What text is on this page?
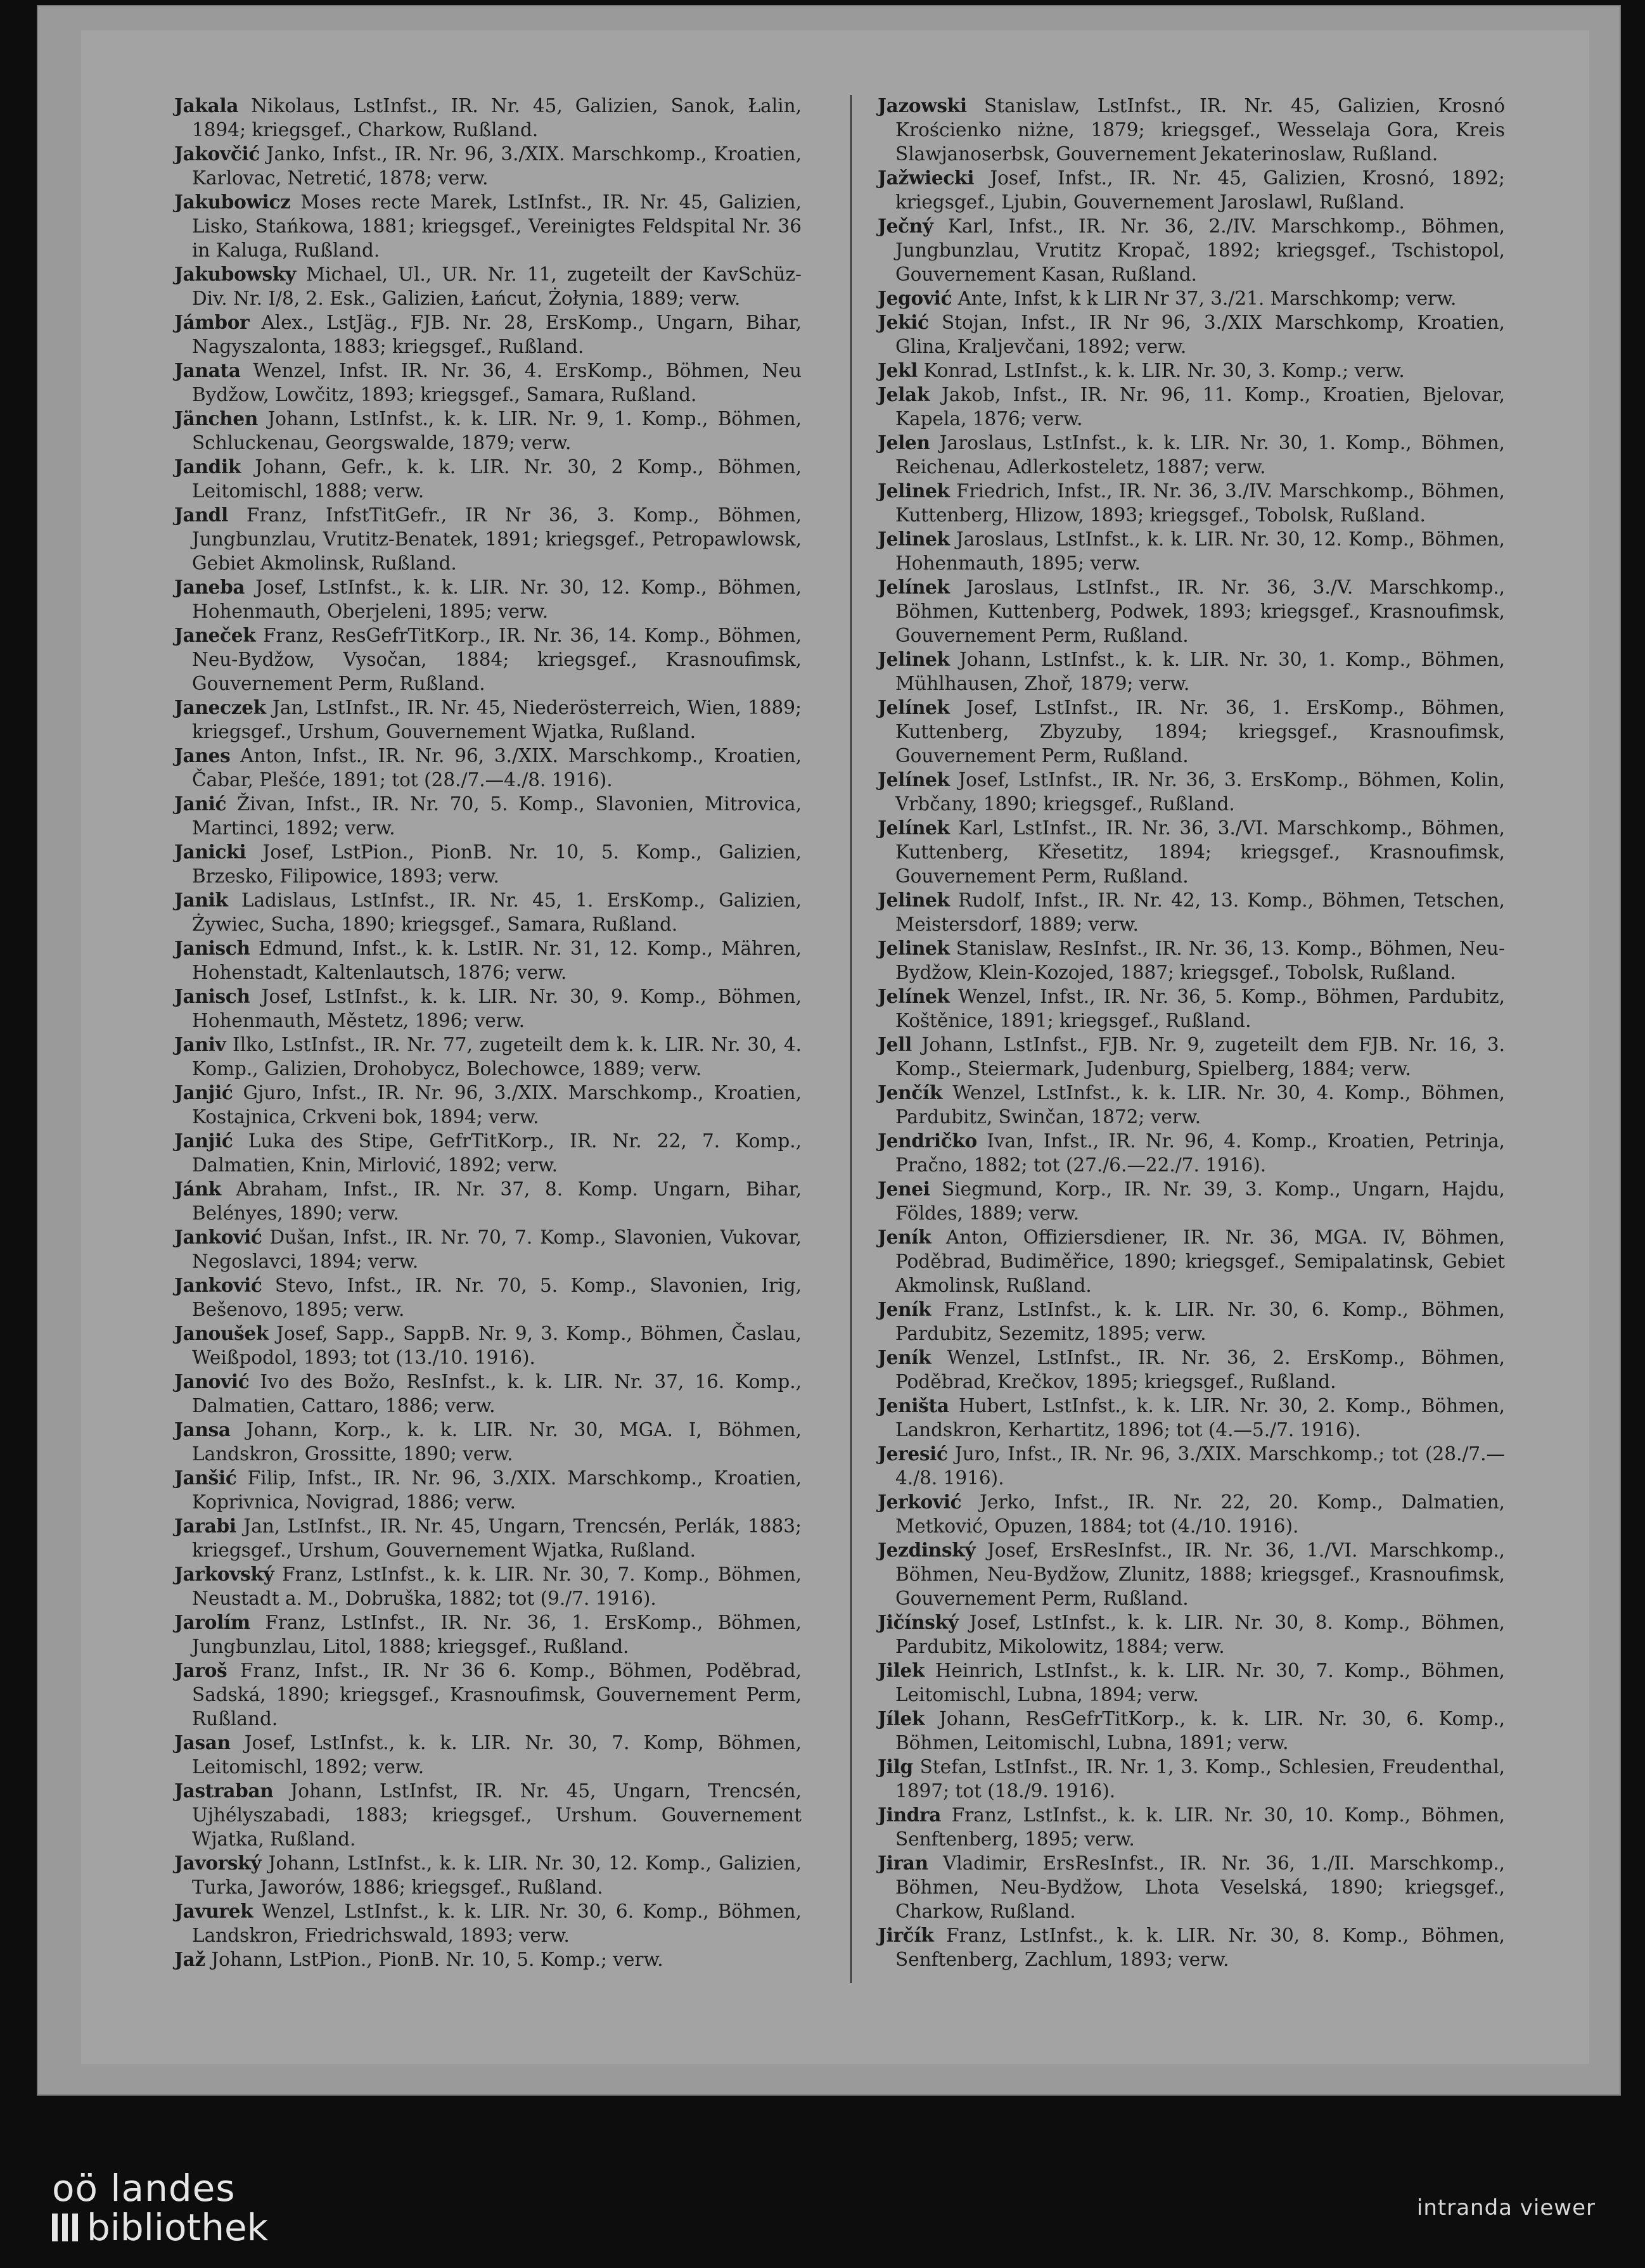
Jakala Nikolaus, LstInfst., IR. Nr. 45, Galizien, Sanok, Łalin, 1894; kriegsgef., Charkow, Rußland.

Jakovčić Janko, Infst., IR. Nr. 96, 3./XIX. Marschkomp., Kroatien, Karlovac, Netretić, 1878; verw.

Jakubowicz Moses recte Marek, LstInfst., IR. Nr. 45, Galizien, Lisko, Stańkowa, 1881; kriegsgef., Vereinigtes Feldspital Nr. 36 in Kaluga, Rußland.

Jakubowsky Michael, Ul., UR. Nr. 11, zugeteilt der KavSchüz-Div. Nr. I/8, 2. Esk., Galizien, Łańcut, Żołynia, 1889; verw.

Jámbor Alex., LstJäg., FJB. Nr. 28, ErsKomp., Ungarn, Bihar, Nagyszalonta, 1883; kriegsgef., Rußland.

Janata Wenzel, Infst. IR. Nr. 36, 4. ErsKomp., Böhmen, Neu Bydžow, Lowčitz, 1893; kriegsgef., Samara, Rußland.

Jänchen Johann, LstInfst., k. k. LIR. Nr. 9, 1. Komp., Böhmen, Schluckenau, Georgswalde, 1879; verw.

Jandik Johann, Gefr., k. k. LIR. Nr. 30, 2 Komp., Böhmen, Leitomischl, 1888; verw.

Jandl Franz, InfstTitGefr., IR Nr 36, 3. Komp., Böhmen, Jungbunzlau, Vrutitz-Benatek, 1891; kriegsgef., Petropawlowsk, Gebiet Akmolinsk, Rußland.

Janeba Josef, LstInfst., k. k. LIR. Nr. 30, 12. Komp., Böhmen, Hohenmauth, Oberjeleni, 1895; verw.

Janeček Franz, ResGefrTitKorp., IR. Nr. 36, 14. Komp., Böhmen, Neu-Bydžow, Vysočan, 1884; kriegsgef., Krasnoufimsk, Gouvernement Perm, Rußland.

Janeczek Jan, LstInfst., IR. Nr. 45, Niederösterreich, Wien, 1889; kriegsgef., Urshum, Gouvernement Wjatka, Rußland.

Janes Anton, Infst., IR. Nr. 96, 3./XIX. Marschkomp., Kroatien, Čabar, Plešće, 1891; tot (28./7.—4./8. 1916).

Janić Živan, Infst., IR. Nr. 70, 5. Komp., Slavonien, Mitrovica, Martinci, 1892; verw.

Janicki Josef, LstPion., PionB. Nr. 10, 5. Komp., Galizien, Brzesko, Filipowice, 1893; verw.

Janik Ladislaus, LstInfst., IR. Nr. 45, 1. ErsKomp., Galizien, Żywiec, Sucha, 1890; kriegsgef., Samara, Rußland.

Janisch Edmund, Infst., k. k. LstIR. Nr. 31, 12. Komp., Mähren, Hohenstadt, Kaltenlautsch, 1876; verw.

Janisch Josef, LstInfst., k. k. LIR. Nr. 30, 9. Komp., Böhmen, Hohenmauth, Městetz, 1896; verw.

Janiv Ilko, LstInfst., IR. Nr. 77, zugeteilt dem k. k. LIR. Nr. 30, 4. Komp., Galizien, Drohobycz, Bolechowce, 1889; verw.

Janjić Gjuro, Infst., IR. Nr. 96, 3./XIX. Marschkomp., Kroatien, Kostajnica, Crkveni bok, 1894; verw.

Janjić Luka des Stipe, GefrTitKorp., IR. Nr. 22, 7. Komp., Dalmatien, Knin, Mirlović, 1892; verw.

Jánk Abraham, Infst., IR. Nr. 37, 8. Komp. Ungarn, Bihar, Belényes, 1890; verw.

Janković Dušan, Infst., IR. Nr. 70, 7. Komp., Slavonien, Vukovar, Negoslavci, 1894; verw.

Janković Stevo, Infst., IR. Nr. 70, 5. Komp., Slavonien, Irig, Bešenovo, 1895; verw.

Janoušek Josef, Sapp., SappB. Nr. 9, 3. Komp., Böhmen, Časlau, Weißpodol, 1893; tot (13./10. 1916).

Janović Ivo des Božo, ResInfst., k. k. LIR. Nr. 37, 16. Komp., Dalmatien, Cattaro, 1886; verw.

Jansa Johann, Korp., k. k. LIR. Nr. 30, MGA. I, Böhmen, Landskron, Grossitte, 1890; verw.

Janšić Filip, Infst., IR. Nr. 96, 3./XIX. Marschkomp., Kroatien, Koprivnica, Novigrad, 1886; verw.

Jarabi Jan, LstInfst., IR. Nr. 45, Ungarn, Trencsén, Perlák, 1883; kriegsgef., Urshum, Gouvernement Wjatka, Rußland.

Jarkovský Franz, LstInfst., k. k. LIR. Nr. 30, 7. Komp., Böhmen, Neustadt a. M., Dobruška, 1882; tot (9./7. 1916).

Jarolím Franz, LstInfst., IR. Nr. 36, 1. ErsKomp., Böhmen, Jungbunzlau, Litol, 1888; kriegsgef., Rußland.

Jaroš Franz, Infst., IR. Nr 36 6. Komp., Böhmen, Poděbrad, Sadská, 1890; kriegsgef., Krasnoufimsk, Gouvernement Perm, Rußland.

Jasan Josef, LstInfst., k. k. LIR. Nr. 30, 7. Komp, Böhmen, Leitomischl, 1892; verw.

Jastraban Johann, LstInfst, IR. Nr. 45, Ungarn, Trencsén, Ujhélyszabadi, 1883; kriegsgef., Urshum. Gouvernement Wjatka, Rußland.

Javorský Johann, LstInfst., k. k. LIR. Nr. 30, 12. Komp., Galizien, Turka, Jaworów, 1886; kriegsgef., Rußland.

Javurek Wenzel, LstInfst., k. k. LIR. Nr. 30, 6. Komp., Böhmen, Landskron, Friedrichswald, 1893; verw.

Jaž Johann, LstPion., PionB. Nr. 10, 5. Komp.; verw.

Jazowski Stanislaw, LstInfst., IR. Nr. 45, Galizien, Krosnó Krościenko niżne, 1879; kriegsgef., Wesselaja Gora, Kreis Slawjanoserbsk, Gouvernement Jekaterinoslaw, Rußland.

Jažwiecki Josef, Infst., IR. Nr. 45, Galizien, Krosnó, 1892; kriegsgef., Ljubin, Gouvernement Jaroslawl, Rußland.

Ječný Karl, Infst., IR. Nr. 36, 2./IV. Marschkomp., Böhmen, Jungbunzlau, Vrutitz Kropač, 1892; kriegsgef., Tschistopol, Gouvernement Kasan, Rußland.

Jegović Ante, Infst, k k LIR Nr 37, 3./21. Marschkomp; verw.

Jekić Stojan, Infst., IR Nr 96, 3./XIX Marschkomp, Kroatien, Glina, Kraljevčani, 1892; verw.

Jekl Konrad, LstInfst., k. k. LIR. Nr. 30, 3. Komp.; verw.

Jelak Jakob, Infst., IR. Nr. 96, 11. Komp., Kroatien, Bjelovar, Kapela, 1876; verw.

Jelen Jaroslaus, LstInfst., k. k. LIR. Nr. 30, 1. Komp., Böhmen, Reichenau, Adlerkosteletz, 1887; verw.

Jelinek Friedrich, Infst., IR. Nr. 36, 3./IV. Marschkomp., Böhmen, Kuttenberg, Hlizow, 1893; kriegsgef., Tobolsk, Rußland.

Jelinek Jaroslaus, LstInfst., k. k. LIR. Nr. 30, 12. Komp., Böhmen, Hohenmauth, 1895; verw.

Jelínek Jaroslaus, LstInfst., IR. Nr. 36, 3./V. Marschkomp., Böhmen, Kuttenberg, Podwek, 1893; kriegsgef., Krasnoufimsk, Gouvernement Perm, Rußland.

Jelinek Johann, LstInfst., k. k. LIR. Nr. 30, 1. Komp., Böhmen, Mühlhausen, Zhoř, 1879; verw.

Jelínek Josef, LstInfst., IR. Nr. 36, 1. ErsKomp., Böhmen, Kuttenberg, Zbyzuby, 1894; kriegsgef., Krasnoufimsk, Gouvernement Perm, Rußland.

Jelínek Josef, LstInfst., IR. Nr. 36, 3. ErsKomp., Böhmen, Kolin, Vrbčany, 1890; kriegsgef., Rußland.

Jelínek Karl, LstInfst., IR. Nr. 36, 3./VI. Marschkomp., Böhmen, Kuttenberg, Křesetitz, 1894; kriegsgef., Krasnoufimsk, Gouvernement Perm, Rußland.

Jelinek Rudolf, Infst., IR. Nr. 42, 13. Komp., Böhmen, Tetschen, Meistersdorf, 1889; verw.

Jelinek Stanislaw, ResInfst., IR. Nr. 36, 13. Komp., Böhmen, Neu-Bydžow, Klein-Kozojed, 1887; kriegsgef., Tobolsk, Rußland.

Jelínek Wenzel, Infst., IR. Nr. 36, 5. Komp., Böhmen, Pardubitz, Koštěnice, 1891; kriegsgef., Rußland.

Jell Johann, LstInfst., FJB. Nr. 9, zugeteilt dem FJB. Nr. 16, 3. Komp., Steiermark, Judenburg, Spielberg, 1884; verw.

Jenčík Wenzel, LstInfst., k. k. LIR. Nr. 30, 4. Komp., Böhmen, Pardubitz, Swinčan, 1872; verw.

Jendričko Ivan, Infst., IR. Nr. 96, 4. Komp., Kroatien, Petrinja, Pračno, 1882; tot (27./6.—22./7. 1916).

Jenei Siegmund, Korp., IR. Nr. 39, 3. Komp., Ungarn, Hajdu, Földes, 1889; verw.

Jeník Anton, Offiziersdiener, IR. Nr. 36, MGA. IV, Böhmen, Poděbrad, Budiměřice, 1890; kriegsgef., Semipalatinsk, Gebiet Akmolinsk, Rußland.

Jeník Franz, LstInfst., k. k. LIR. Nr. 30, 6. Komp., Böhmen, Pardubitz, Sezemitz, 1895; verw.

Jeník Wenzel, LstInfst., IR. Nr. 36, 2. ErsKomp., Böhmen, Poděbrad, Krečkov, 1895; kriegsgef., Rußland.

Jeništa Hubert, LstInfst., k. k. LIR. Nr. 30, 2. Komp., Böhmen, Landskron, Kerhartitz, 1896; tot (4.—5./7. 1916).

Jeresić Juro, Infst., IR. Nr. 96, 3./XIX. Marschkomp.; tot (28./7.—4./8. 1916).

Jerković Jerko, Infst., IR. Nr. 22, 20. Komp., Dalmatien, Metković, Opuzen, 1884; tot (4./10. 1916).

Jezdinský Josef, ErsResInfst., IR. Nr. 36, 1./VI. Marschkomp., Böhmen, Neu-Bydžow, Zlunitz, 1888; kriegsgef., Krasnoufimsk, Gouvernement Perm, Rußland.

Jičínský Josef, LstInfst., k. k. LIR. Nr. 30, 8. Komp., Böhmen, Pardubitz, Mikolowitz, 1884; verw.

Jilek Heinrich, LstInfst., k. k. LIR. Nr. 30, 7. Komp., Böhmen, Leitomischl, Lubna, 1894; verw.

Jílek Johann, ResGefrTitKorp., k. k. LIR. Nr. 30, 6. Komp., Böhmen, Leitomischl, Lubna, 1891; verw.

Jilg Stefan, LstInfst., IR. Nr. 1, 3. Komp., Schlesien, Freudenthal, 1897; tot (18./9. 1916).

Jindra Franz, LstInfst., k. k. LIR. Nr. 30, 10. Komp., Böhmen, Senftenberg, 1895; verw.

Jiran Vladimir, ErsResInfst., IR. Nr. 36, 1./II. Marschkomp., Böhmen, Neu-Bydžow, Lhota Veselská, 1890; kriegsgef., Charkow, Rußland.

Jirčík Franz, LstInfst., k. k. LIR. Nr. 30, 8. Komp., Böhmen, Senftenberg, Zachlum, 1893; verw.

oö landes
bibliothek	intranda viewer
